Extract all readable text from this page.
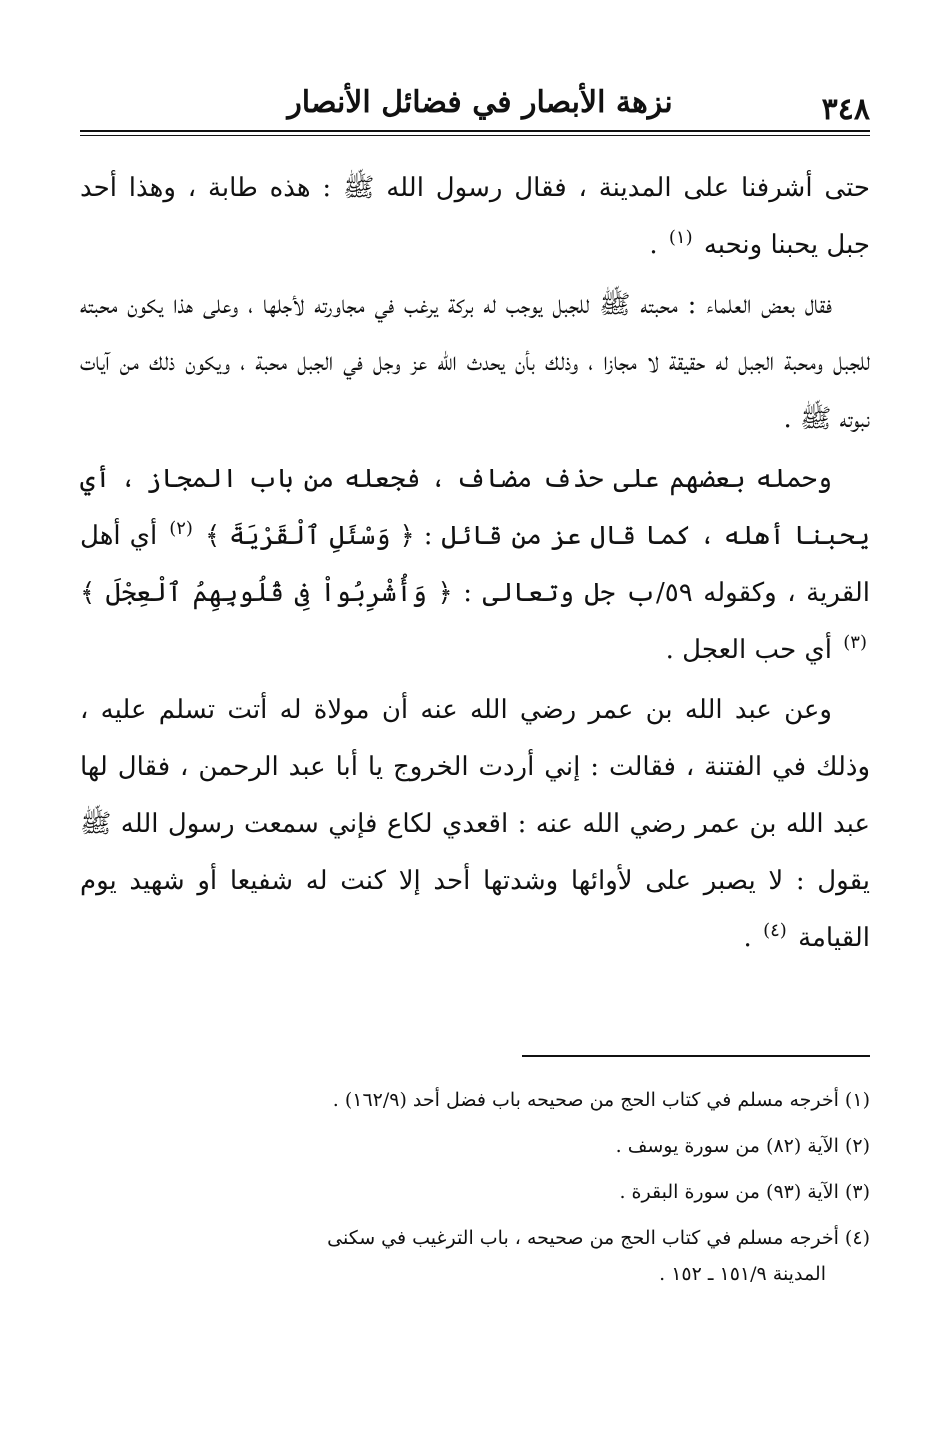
٣٤٨
نزهة الأبصار في فضائل الأنصار

حتى أشرفنا على المدينة ، فقال رسول الله ﷺ : هذه طابة ، وهذا أحد جبل يحبنا ونحبه $^{(١)}$ .

فقال بعض العلماء : محبته ﷺ للجبل يوجب له بركة يرغب في مجاورته لأجلها ، وعلى هذا يكون محبته للجبل ومحبة الجبل له حقيقة لا مجازا ، وذلك بأن يحدث الله عز وجل في الجبل محبة ، ويكون ذلك من آيات نبوته ﷺ .

وحمله بعضهم على حذف مضاف ، فجعله من باب المجاز ، أي يحبنا أهله ، كما قال عز من قائل : ﴿ وَسْئَلِ ٱلْقَرْيَةَ ﴾ $^{(٢)}$ أي أهل القرية ، وكقوله ٥٩/ب جل وتعالى : ﴿ وَأُشْرِبُواْ فِى قُلُوبِهِمُ ٱلْعِجْلَ ﴾ $^{(٣)}$ أي حب العجل .

وعن عبد الله بن عمر رضي الله عنه أن مولاة له أتت تسلم عليه ، وذلك في الفتنة ، فقالت : إني أردت الخروج يا أبا عبد الرحمن ، فقال لها عبد الله بن عمر رضي الله عنه : اقعدي لكاع فإني سمعت رسول الله ﷺ يقول : لا يصبر على لأوائها وشدتها أحد إلا كنت له شفيعا أو شهيد يوم القيامة $^{(٤)}$ .

(١) أخرجه مسلم في كتاب الحج من صحيحه باب فضل أحد (١٦٢/٩) .
(٢) الآية (٨٢) من سورة يوسف .
(٣) الآية (٩٣) من سورة البقرة .
(٤) أخرجه مسلم في كتاب الحج من صحيحه ، باب الترغيب في سكنى
المدينة ١٥١/٩ ـ ١٥٢ .
